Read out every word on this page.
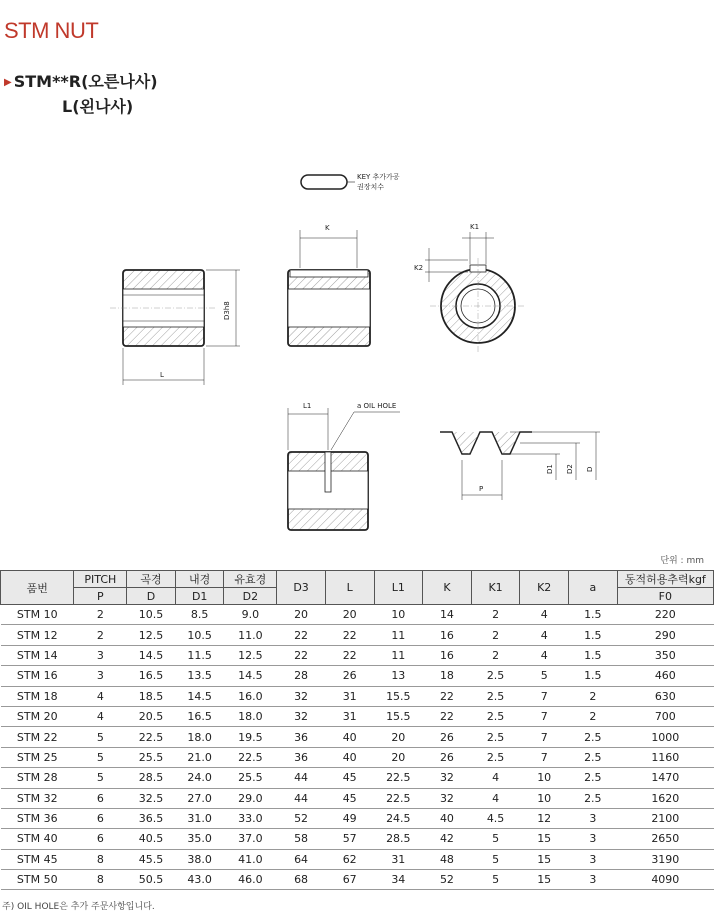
STM NUT
▶ STM**R(오른나사)
L(왼나사)
KEY 추가가공
권장치수
L
D3h8
K	K1
K2
L1	a OIL HOLE
P
D1 D2 D
단위 : mm
품번	PITCH	곡경	내경	유효경	D3	L	L1	K	K1	K2	a	동적허용추력kgf
	P	D	D1	D2								F0
STM 10	2	10.5	8.5	9.0	20	20	10	14	2	4	1.5	220
STM 12	2	12.5	10.5	11.0	22	22	11	16	2	4	1.5	290
STM 14	3	14.5	11.5	12.5	22	22	11	16	2	4	1.5	350
STM 16	3	16.5	13.5	14.5	28	26	13	18	2.5	5	1.5	460
STM 18	4	18.5	14.5	16.0	32	31	15.5	22	2.5	7	2	630
STM 20	4	20.5	16.5	18.0	32	31	15.5	22	2.5	7	2	700
STM 22	5	22.5	18.0	19.5	36	40	20	26	2.5	7	2.5	1000
STM 25	5	25.5	21.0	22.5	36	40	20	26	2.5	7	2.5	1160
STM 28	5	28.5	24.0	25.5	44	45	22.5	32	4	10	2.5	1470
STM 32	6	32.5	27.0	29.0	44	45	22.5	32	4	10	2.5	1620
STM 36	6	36.5	31.0	33.0	52	49	24.5	40	4.5	12	3	2100
STM 40	6	40.5	35.0	37.0	58	57	28.5	42	5	15	3	2650
STM 45	8	45.5	38.0	41.0	64	62	31	48	5	15	3	3190
STM 50	8	50.5	43.0	46.0	68	67	34	52	5	15	3	4090
주) OIL HOLE은 추가 주문사항입니다.
